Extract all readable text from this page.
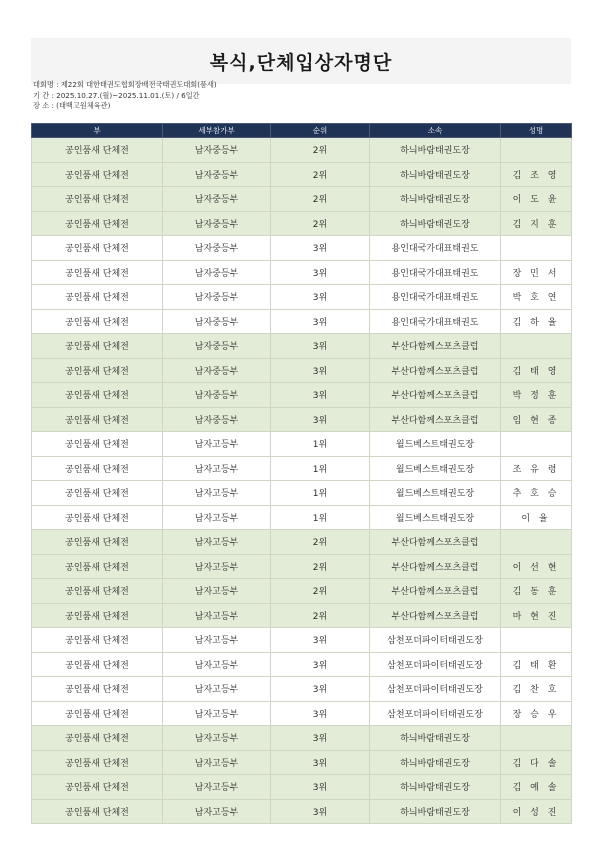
복식,단체입상자명단
대회명 : 제22회 대한태권도협회장배전국태권도대회(품새)
기 간 : 2025.10.27.(월)~2025.11.01.(토) / 6일간
장 소 : (태백고원체육관)
부	세부참가부	순위	소속	성명
공인품새 단체전	남자중등부	2위	하늬바람태권도장	
공인품새 단체전	남자중등부	2위	하늬바람태권도장	김 조 영
공인품새 단체전	남자중등부	2위	하늬바람태권도장	이 도 윤
공인품새 단체전	남자중등부	2위	하늬바람태권도장	김 지 훈
공인품새 단체전	남자중등부	3위	용인대국가대표태권도	
공인품새 단체전	남자중등부	3위	용인대국가대표태권도	장 민 서
공인품새 단체전	남자중등부	3위	용인대국가대표태권도	박 호 연
공인품새 단체전	남자중등부	3위	용인대국가대표태권도	김 하 율
공인품새 단체전	남자중등부	3위	부산다함께스포츠클럽	
공인품새 단체전	남자중등부	3위	부산다함께스포츠클럽	김 태 영
공인품새 단체전	남자중등부	3위	부산다함께스포츠클럽	박 정 훈
공인품새 단체전	남자중등부	3위	부산다함께스포츠클럽	임 현 종
공인품새 단체전	남자고등부	1위	월드베스트태권도장	
공인품새 단체전	남자고등부	1위	월드베스트태권도장	조 유 령
공인품새 단체전	남자고등부	1위	월드베스트태권도장	추 호 승
공인품새 단체전	남자고등부	1위	월드베스트태권도장	이 율
공인품새 단체전	남자고등부	2위	부산다함께스포츠클럽	
공인품새 단체전	남자고등부	2위	부산다함께스포츠클럽	이 선 현
공인품새 단체전	남자고등부	2위	부산다함께스포츠클럽	김 동 훈
공인품새 단체전	남자고등부	2위	부산다함께스포츠클럽	마 현 진
공인품새 단체전	남자고등부	3위	삼천포더파이터태권도장	
공인품새 단체전	남자고등부	3위	삼천포더파이터태권도장	김 태 환
공인품새 단체전	남자고등부	3위	삼천포더파이터태권도장	김 찬 호
공인품새 단체전	남자고등부	3위	삼천포더파이터태권도장	장 승 우
공인품새 단체전	남자고등부	3위	하늬바람태권도장	
공인품새 단체전	남자고등부	3위	하늬바람태권도장	김 다 솔
공인품새 단체전	남자고등부	3위	하늬바람태권도장	김 예 솔
공인품새 단체전	남자고등부	3위	하늬바람태권도장	이 성 진
